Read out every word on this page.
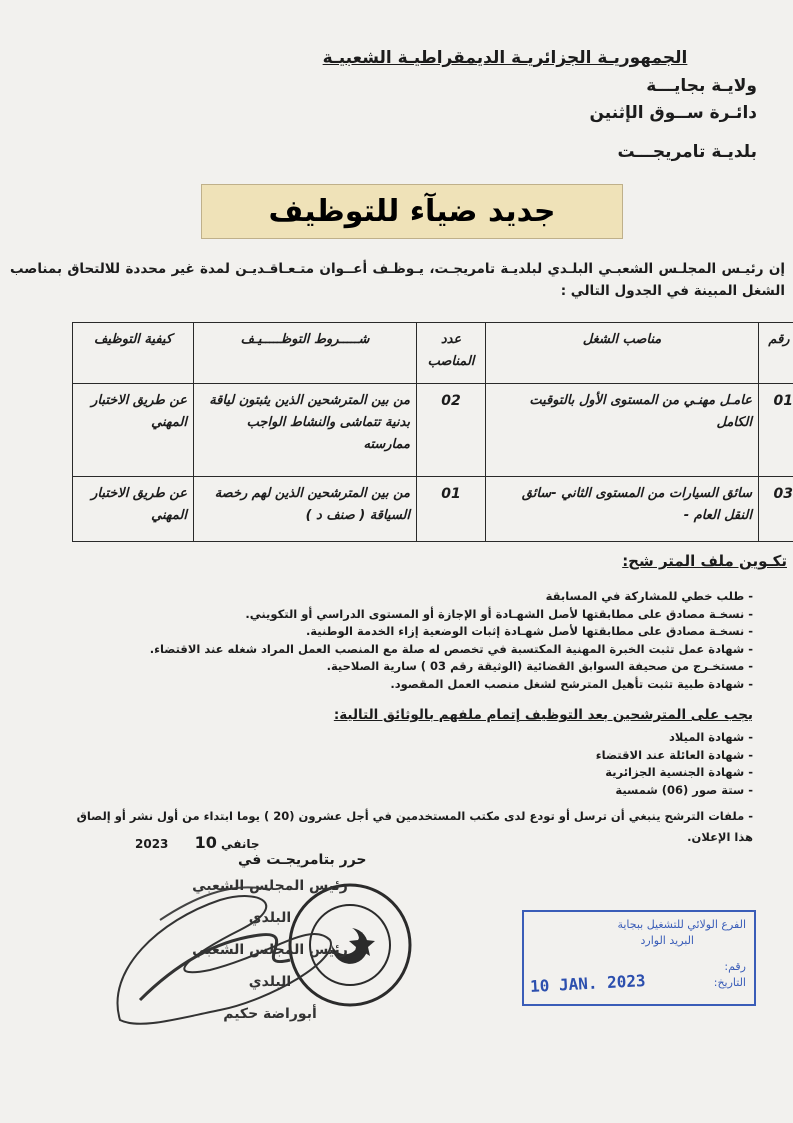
الجمهوريـة الجزائريـة الديمقراطيـة الشعبيـة
ولايـة بجايـــة
دائـرة ســوق الإثنين
بلديـة تامريجـــت
جديد ضيآء للتوظيف
إن رئيـس المجلـس الشعبـي البلـدي لبلديـة تامريجـت، يـوظـف أعــوان متـعـاقـديـن لمدة غير محددة للالتحاق بمناصب الشغل المبينة في الجدول التالي :
رقم	مناصب الشغل	عدد المناصب	شـــــروط التوظـــــيـف	كيفية التوظيف
01	عامـل مهنـي من المستوى الأول بالتوقيت الكامل	02	من بين المترشحين الذين يثبتون لياقة بدنية تتماشى والنشاط الواجب ممارسته	عن طريق الاختبار المهني
03	سائق السيارات من المستوى الثاني -سائق النقل العام -	01	من بين المترشحين الذين لهم رخصة السياقة ( صنف د )	عن طريق الاختبار المهني
تكـوين ملف المتر شح:
- طلب خطي للمشاركة في المسابقة
- نسخـة مصادق على مطابقتها لأصل الشهـادة أو الإجازة أو المستوى الدراسي أو التكويني.
- نسخـة مصادق على مطابقتها لأصل شهـادة إثبات الوضعية إزاء الخدمة الوطنية.
- شهادة عمل تثبت الخبرة المهنية المكتسبة في تخصص له صلة مع المنصب العمل المراد شغله عند الاقتضاء.
- مستخـرج من صحيفة السوابق القضائية (الوثيقة رقم 03 ) سارية الصلاحية.
- شهادة طبية تثبت تأهيل المترشح لشغل منصب العمل المقصود.
يجب على المترشحين بعد التوظيف إتمام ملفهم بالوثائق التالية:
- شهادة الميلاد
- شهادة العائلة عند الاقتضاء
- شهادة الجنسية الجزائرية
- ستة صور (06) شمسية
- ملفات الترشح ينبغي أن ترسل أو تودع لدى مكتب المستخدمين في أجل عشرون (20 ) يوما ابتداء من أول نشر أو إلصاق هذا الإعلان.
2023	جانفي 10
حرر بتامريجـت في
رئيس المجلس الشعبي البلدي
رئيس المجلس الشعبي البلدي
أبوراضة حكيم
الفرع الولائي للتشغيل ببجاية
البريد الوارد
رقم:
التاريخ:
10 JAN. 2023
